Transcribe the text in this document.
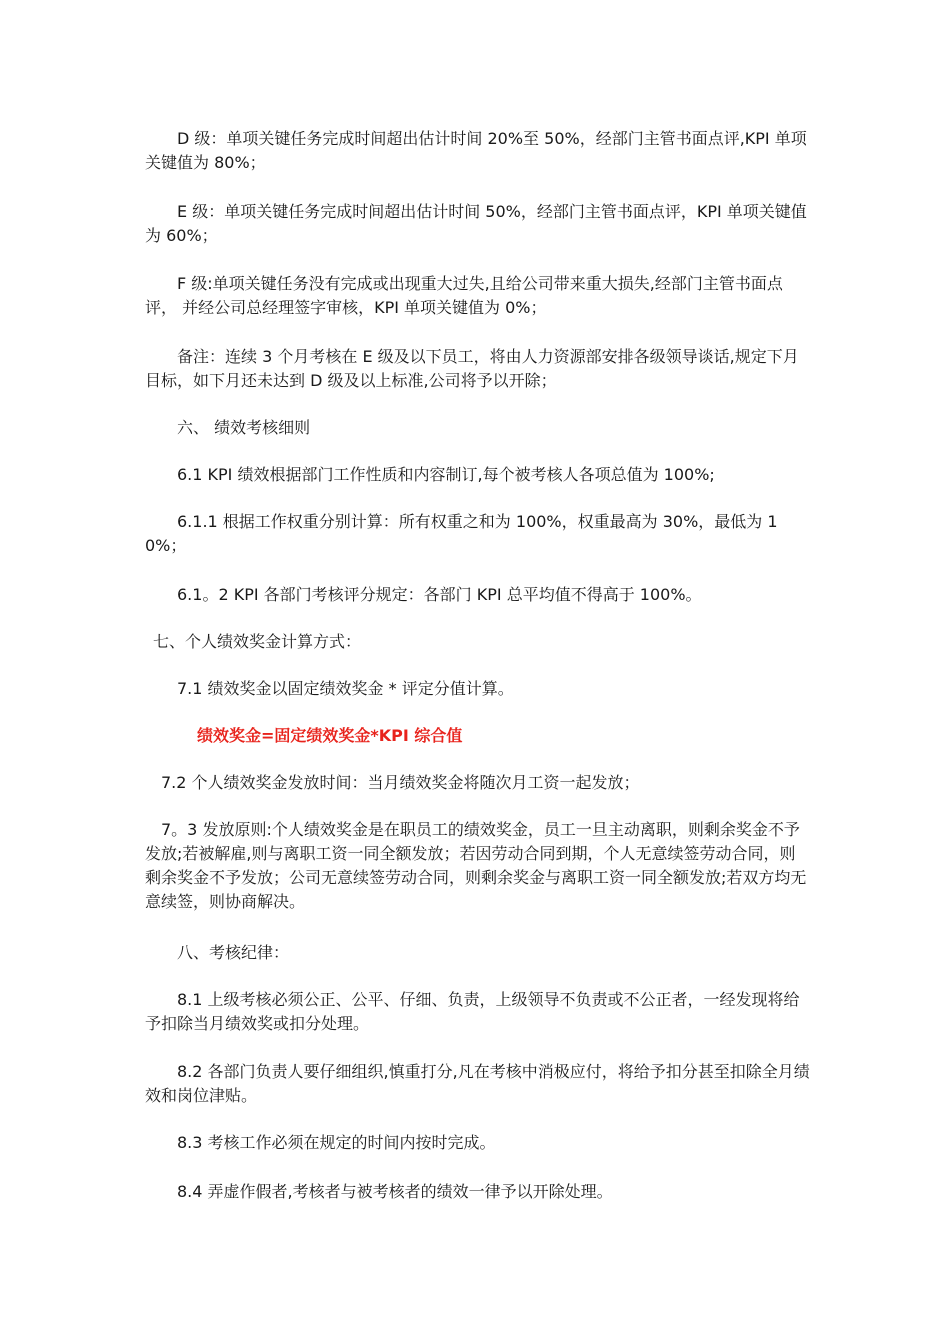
D 级：单项关键任务完成时间超出估计时间 20%至 50%，经部门主管书面点评,KPI 单项关键值为 80%；

E 级：单项关键任务完成时间超出估计时间 50%，经部门主管书面点评，KPI 单项关键值为 60%；

F 级:单项关键任务没有完成或出现重大过失,且给公司带来重大损失,经部门主管书面点评， 并经公司总经理签字审核，KPI 单项关键值为 0%；

备注：连续 3 个月考核在 E 级及以下员工，将由人力资源部安排各级领导谈话,规定下月目标，如下月还未达到 D 级及以上标准,公司将予以开除；

六、 绩效考核细则

6.1 KPI 绩效根据部门工作性质和内容制订,每个被考核人各项总值为 100%;

6.1.1 根据工作权重分别计算：所有权重之和为 100%，权重最高为 30%，最低为 10%；

6.1。2 KPI 各部门考核评分规定：各部门 KPI 总平均值不得高于 100%。

七、个人绩效奖金计算方式：

7.1 绩效奖金以固定绩效奖金 * 评定分值计算。

绩效奖金=固定绩效奖金*KPI 综合值

7.2 个人绩效奖金发放时间：当月绩效奖金将随次月工资一起发放；

7。3 发放原则:个人绩效奖金是在职员工的绩效奖金，员工一旦主动离职，则剩余奖金不予发放;若被解雇,则与离职工资一同全额发放；若因劳动合同到期，个人无意续签劳动合同，则剩余奖金不予发放；公司无意续签劳动合同，则剩余奖金与离职工资一同全额发放;若双方均无意续签，则协商解决。

八、考核纪律：

8.1 上级考核必须公正、公平、仔细、负责，上级领导不负责或不公正者，一经发现将给予扣除当月绩效奖或扣分处理。

8.2 各部门负责人要仔细组织,慎重打分,凡在考核中消极应付，将给予扣分甚至扣除全月绩效和岗位津贴。

8.3 考核工作必须在规定的时间内按时完成。

8.4 弄虚作假者,考核者与被考核者的绩效一律予以开除处理。
